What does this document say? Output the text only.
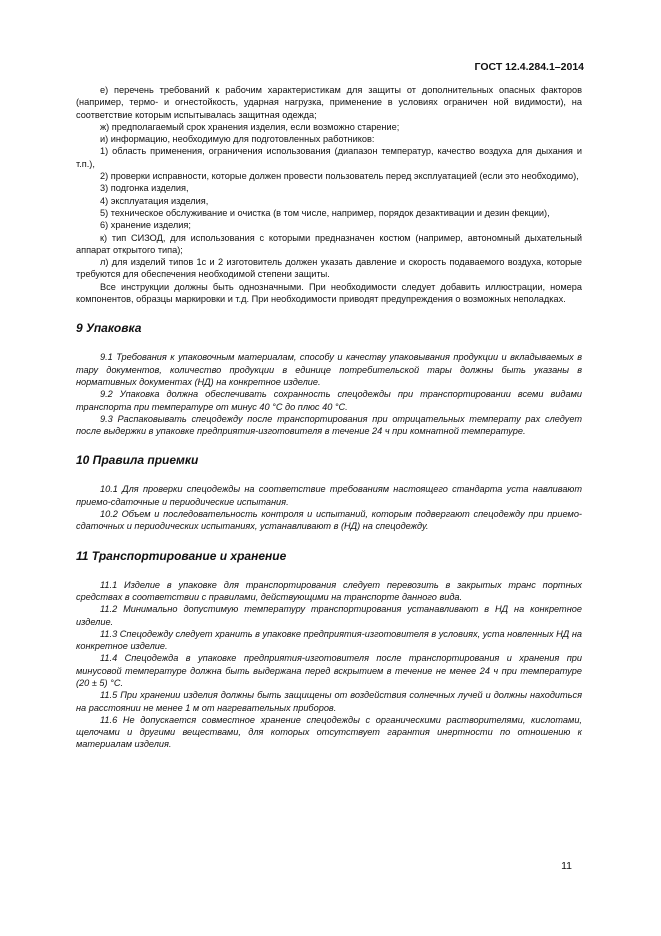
ГОСТ 12.4.284.1–2014

е) перечень требований к рабочим характеристикам для защиты от дополнительных опасных факторов (например, термо- и огнестойкость, ударная нагрузка, применение в условиях ограничен ной видимости), на соответствие которым испытывалась защитная одежда;

ж) предполагаемый срок хранения изделия, если возможно старение;

и) информацию, необходимую для подготовленных работников:

1) область применения, ограничения использования (диапазон температур, качество воздуха для дыхания и т.п.),

2) проверки исправности, которые должен провести пользователь перед эксплуатацией (если это необходимо),

3) подгонка изделия,

4) эксплуатация изделия,

5) техническое обслуживание и очистка (в том числе, например, порядок дезактивации и дезин фекции),

6) хранение изделия;

к) тип СИЗОД, для использования с которыми предназначен костюм (например, автономный дыхательный аппарат открытого типа);

л) для изделий типов 1с и 2 изготовитель должен указать давление и скорость подаваемого воздуха, которые требуются для обеспечения необходимой степени защиты.

Все инструкции должны быть однозначными. При необходимости следует добавить иллюстрации, номера компонентов, образцы маркировки и т.д. При необходимости приводят предупреждения о возможных неполадках.

9 Упаковка

9.1 Требования к упаковочным материалам, способу и качеству упаковывания продукции и вкладываемых в тару документов, количество продукции в единице потребительской тары должны быть указаны в нормативных документах (НД) на конкретное изделие.

9.2 Упаковка должна обеспечивать сохранность спецодежды при транспортировании всеми видами транспорта при температуре от минус 40 °С до плюс 40 °С.

9.3 Распаковывать спецодежду после транспортирования при отрицательных температу рах следует после выдержки в упаковке предприятия-изготовителя в течение 24 ч при комнатной температуре.

10 Правила приемки

10.1 Для проверки спецодежды на соответствие требованиям настоящего стандарта уста навливают приемо-сдаточные и периодические испытания.

10.2 Объем и последовательность контроля и испытаний, которым подвергают спецодежду при приемо-сдаточных и периодических испытаниях, устанавливают в (НД) на спецодежду.

11 Транспортирование и хранение

11.1 Изделие в упаковке для транспортирования следует перевозить в закрытых транс портных средствах в соответствии с правилами, действующими на транспорте данного вида.

11.2 Минимально допустимую температуру транспортирования устанавливают в НД на конкретное изделие.

11.3 Спецодежду следует хранить в упаковке предприятия-изготовителя в условиях, уста новленных НД на конкретное изделие.

11.4 Спецодежда в упаковке предприятия-изготовителя после транспортирования и хранения при минусовой температуре должна быть выдержана перед вскрытием в течение не менее 24 ч при температуре (20 ± 5) °С.

11.5 При хранении изделия должны быть защищены от воздействия солнечных лучей и должны находиться на расстоянии не менее 1 м от нагревательных приборов.

11.6 Не допускается совместное хранение спецодежды с органическими растворителями, кислотами, щелочами и другими веществами, для которых отсутствует гарантия инертности по отношению к материалам изделия.

11
